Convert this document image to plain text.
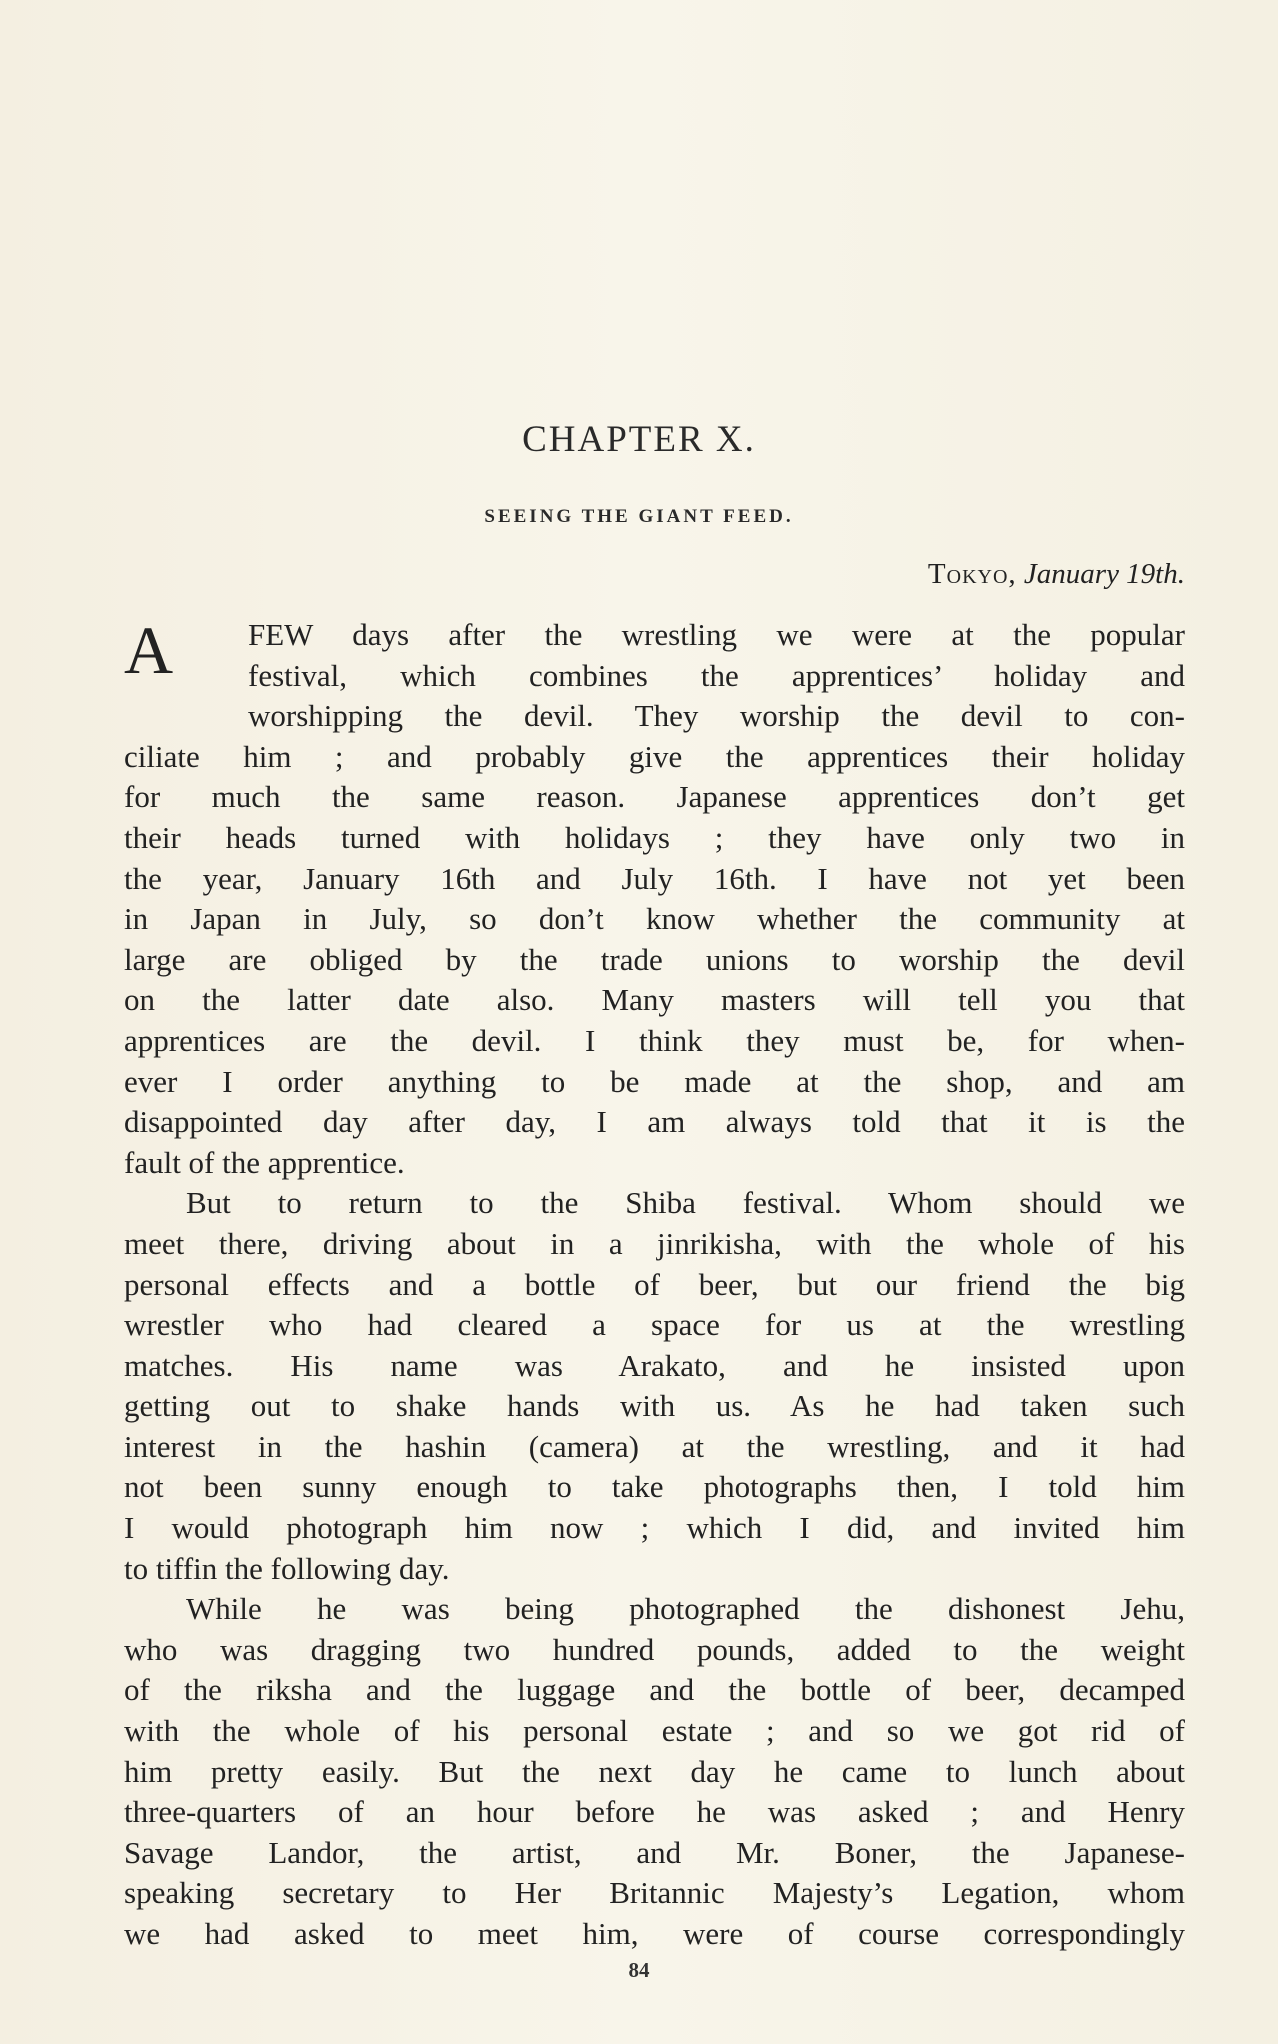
CHAPTER X.

SEEING THE GIANT FEED.

Tokyo, January 19th.

A	FEW days after the wrestling we were at the popular
festival, which combines the apprentices’ holiday and
worshipping the devil. They worship the devil to con-
ciliate him ; and probably give the apprentices their holiday
for much the same reason. Japanese apprentices don’t get
their heads turned with holidays ; they have only two in
the year, January 16th and July 16th. I have not yet been
in Japan in July, so don’t know whether the community at
large are obliged by the trade unions to worship the devil
on the latter date also. Many masters will tell you that
apprentices are the devil. I think they must be, for when-
ever I order anything to be made at the shop, and am
disappointed day after day, I am always told that it is the
fault of the apprentice.
But to return to the Shiba festival. Whom should we
meet there, driving about in a jinrikisha, with the whole of his
personal effects and a bottle of beer, but our friend the big
wrestler who had cleared a space for us at the wrestling
matches. His name was Arakato, and he insisted upon
getting out to shake hands with us. As he had taken such
interest in the hashin (camera) at the wrestling, and it had
not been sunny enough to take photographs then, I told him
I would photograph him now ; which I did, and invited him
to tiffin the following day.
While he was being photographed the dishonest Jehu,
who was dragging two hundred pounds, added to the weight
of the riksha and the luggage and the bottle of beer, decamped
with the whole of his personal estate ; and so we got rid of
him pretty easily. But the next day he came to lunch about
three-quarters of an hour before he was asked ; and Henry
Savage Landor, the artist, and Mr. Boner, the Japanese-
speaking secretary to Her Britannic Majesty’s Legation, whom
we had asked to meet him, were of course correspondingly

84
